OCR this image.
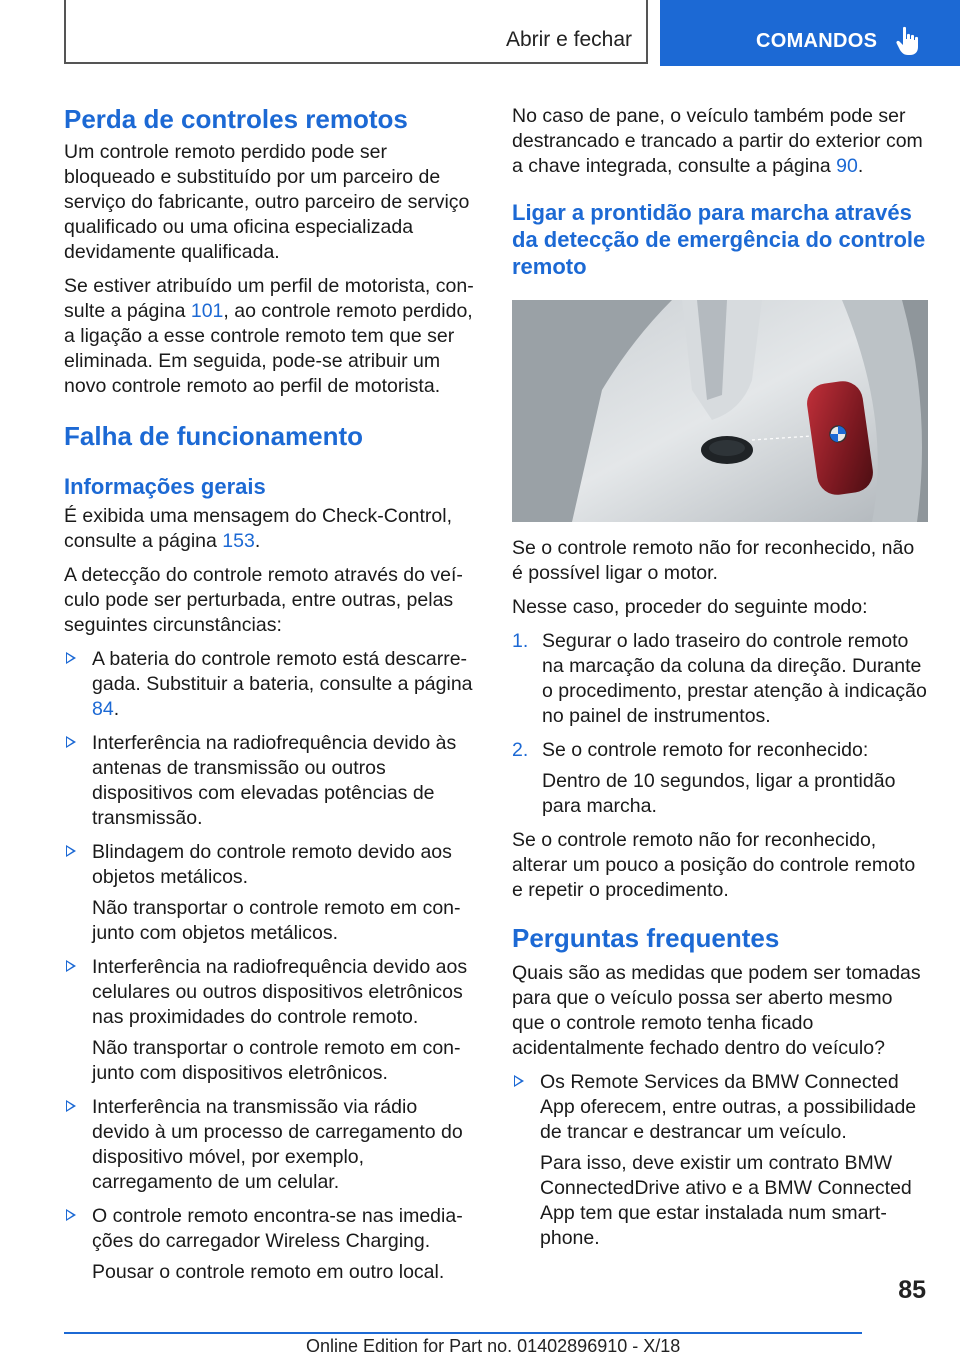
Abrir e fechar	COMANDOS
Perda de controles remotos

Um controle remoto perdido pode ser bloqueado e substituído por um parceiro de serviço do fabricante, outro parceiro de serviço qualificado ou uma oficina especializada devidamente qualificada.

Se estiver atribuído um perfil de motorista, consulte a página 101, ao controle remoto perdido, a ligação a esse controle remoto tem que ser eliminada. Em seguida, pode-se atribuir um novo controle remoto ao perfil de motorista.

Falha de funcionamento
Informações gerais

É exibida uma mensagem do Check-Control, consulte a página 153.

A detecção do controle remoto através do veículo pode ser perturbada, entre outras, pelas seguintes circunstâncias:

A bateria do controle remoto está descarregada. Substituir a bateria, consulte a página 84.

Interferência na radiofrequência devido às antenas de transmissão ou outros dispositivos com elevadas potências de transmissão.

Blindagem do controle remoto devido aos objetos metálicos.

Não transportar o controle remoto em conjunto com objetos metálicos.

Interferência na radiofrequência devido aos celulares ou outros dispositivos eletrônicos nas proximidades do controle remoto.

Não transportar o controle remoto em conjunto com dispositivos eletrônicos.

Interferência na transmissão via rádio devido à um processo de carregamento do dispositivo móvel, por exemplo, carregamento de um celular.

O controle remoto encontra-se nas imediações do carregador Wireless Charging.

Pousar o controle remoto em outro local.

No caso de pane, o veículo também pode ser destrancado e trancado a partir do exterior com a chave integrada, consulte a página 90.

Ligar a prontidão para marcha através da detecção de emergência do controle remoto

Se o controle remoto não for reconhecido, não é possível ligar o motor.

Nesse caso, proceder do seguinte modo:

1. Segurar o lado traseiro do controle remoto na marcação da coluna da direção. Durante o procedimento, prestar atenção à indicação no painel de instrumentos.

2. Se o controle remoto for reconhecido:

Dentro de 10 segundos, ligar a prontidão para marcha.

Se o controle remoto não for reconhecido, alterar um pouco a posição do controle remoto e repetir o procedimento.

Perguntas frequentes

Quais são as medidas que podem ser tomadas para que o veículo possa ser aberto mesmo que o controle remoto tenha ficado acidentalmente fechado dentro do veículo?

Os Remote Services da BMW Connected App oferecem, entre outras, a possibilidade de trancar e destrancar um veículo.

Para isso, deve existir um contrato BMW ConnectedDrive ativo e a BMW Connected App tem que estar instalada num smartphone.

85
Online Edition for Part no. 01402896910 - X/18
